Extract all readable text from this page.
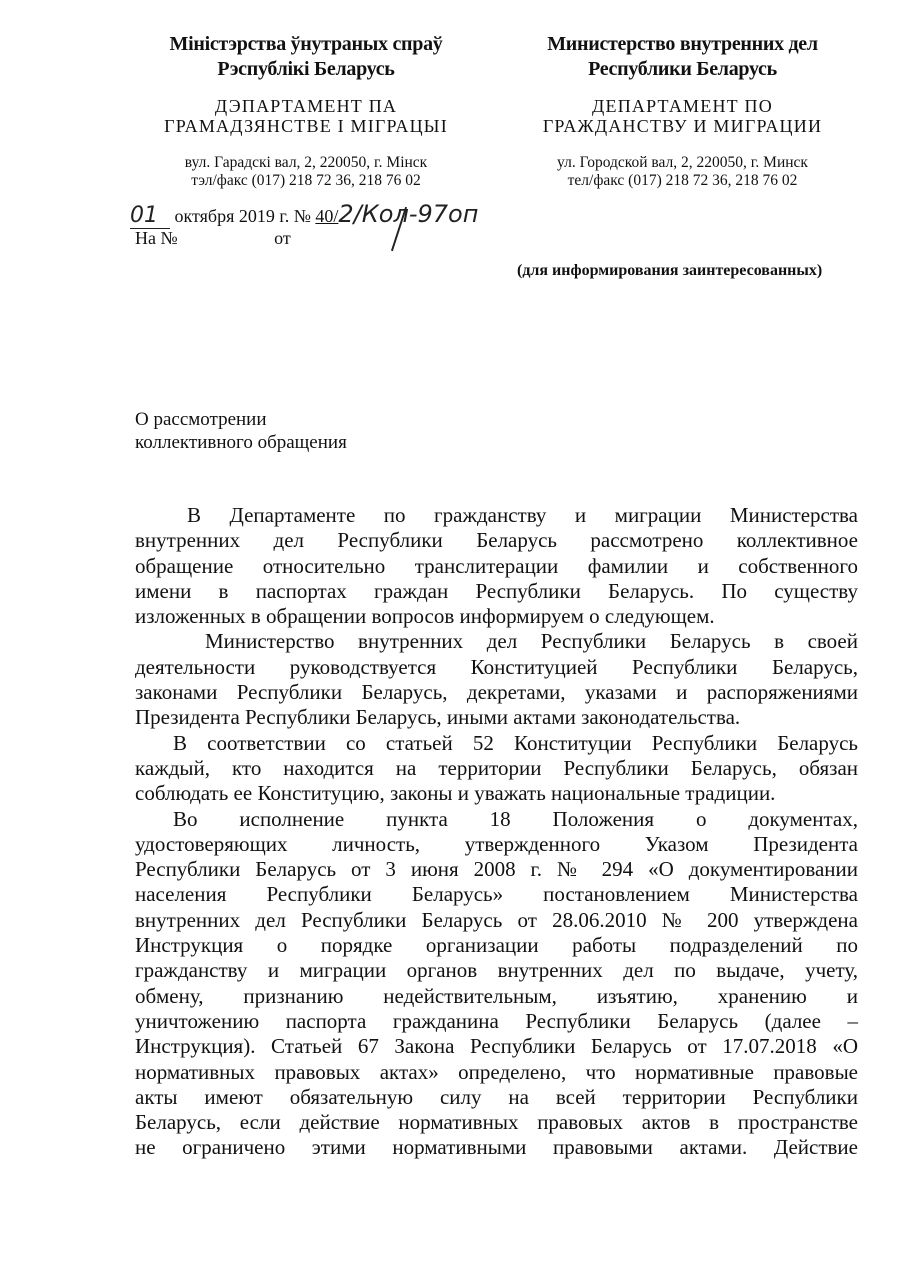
Міністэрства ўнутраных спраў
Рэспублікі Беларусь
ДЭПАРТАМЕНТ ПА
ГРАМАДЗЯНСТВЕ І МІГРАЦЫІ
вул. Гарадскі вал, 2, 220050, г. Мінск
тэл/факс (017) 218 72 36, 218 76 02
Министерство внутренних дел
Республики Беларусь
ДЕПАРТАМЕНТ ПО
ГРАЖДАНСТВУ И МИГРАЦИИ
ул. Городской вал, 2, 220050, г. Минск
тел/факс (017) 218 72 36, 218 76 02
01 октября 2019 г. № 40/2/Кол-97оп
На №	от
(для информирования заинтересованных)
О рассмотрении
коллективного обращения
В Департаменте по гражданству и миграции Министерства
внутренних дел Республики Беларусь рассмотрено коллективное
обращение относительно транслитерации фамилии и собственного
имени в паспортах граждан Республики Беларусь. По существу
изложенных в обращении вопросов информируем о следующем.
Министерство внутренних дел Республики Беларусь в своей
деятельности руководствуется Конституцией Республики Беларусь,
законами Республики Беларусь, декретами, указами и распоряжениями
Президента Республики Беларусь, иными актами законодательства.
В соответствии со статьей 52 Конституции Республики Беларусь
каждый, кто находится на территории Республики Беларусь, обязан
соблюдать ее Конституцию, законы и уважать национальные традиции.
Во исполнение пункта 18 Положения о документах,
удостоверяющих личность, утвержденного Указом Президента
Республики Беларусь от 3 июня 2008 г. № 294 «О документировании
населения Республики Беларусь» постановлением Министерства
внутренних дел Республики Беларусь от 28.06.2010 № 200 утверждена
Инструкция о порядке организации работы подразделений по
гражданству и миграции органов внутренних дел по выдаче, учету,
обмену, признанию недействительным, изъятию, хранению и
уничтожению паспорта гражданина Республики Беларусь (далее –
Инструкция). Статьей 67 Закона Республики Беларусь от 17.07.2018 «О
нормативных правовых актах» определено, что нормативные правовые
акты имеют обязательную силу на всей территории Республики
Беларусь, если действие нормативных правовых актов в пространстве
не ограничено этими нормативными правовыми актами. Действие
